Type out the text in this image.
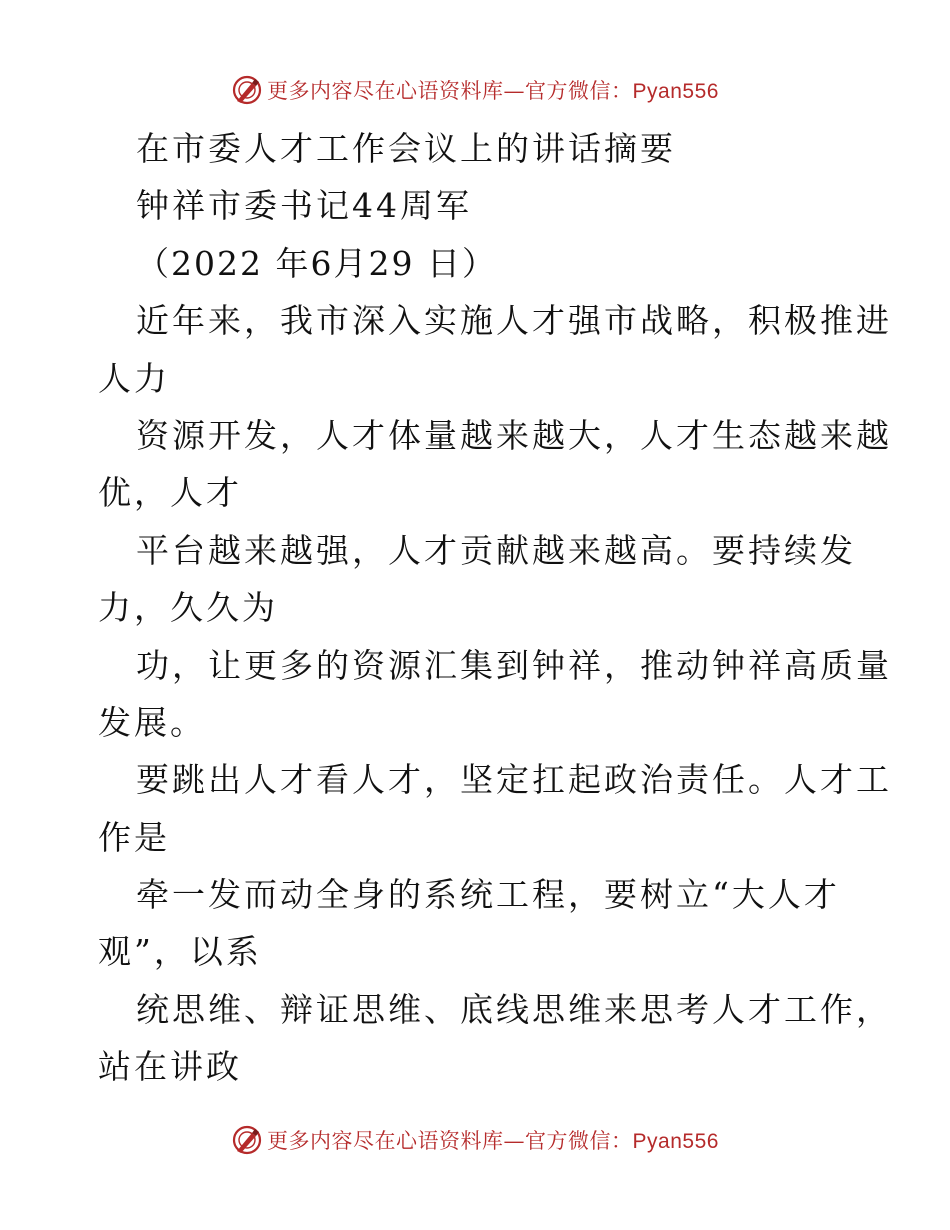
更多内容尽在心语资料库—官方微信：Pyan556
在市委人才工作会议上的讲话摘要
钟祥市委书记44周军
（2022 年6月29 日）
近年来，我市深入实施人才强市战略，积极推进
人力
资源开发，人才体量越来越大，人才生态越来越
优，人才
平台越来越强，人才贡献越来越高。要持续发
力，久久为
功，让更多的资源汇集到钟祥，推动钟祥高质量
发展。
要跳出人才看人才，坚定扛起政治责任。人才工
作是
牵一发而动全身的系统工程，要树立“大人才
观”，以系
统思维、辩证思维、底线思维来思考人才工作，
站在讲政
更多内容尽在心语资料库—官方微信：Pyan556
